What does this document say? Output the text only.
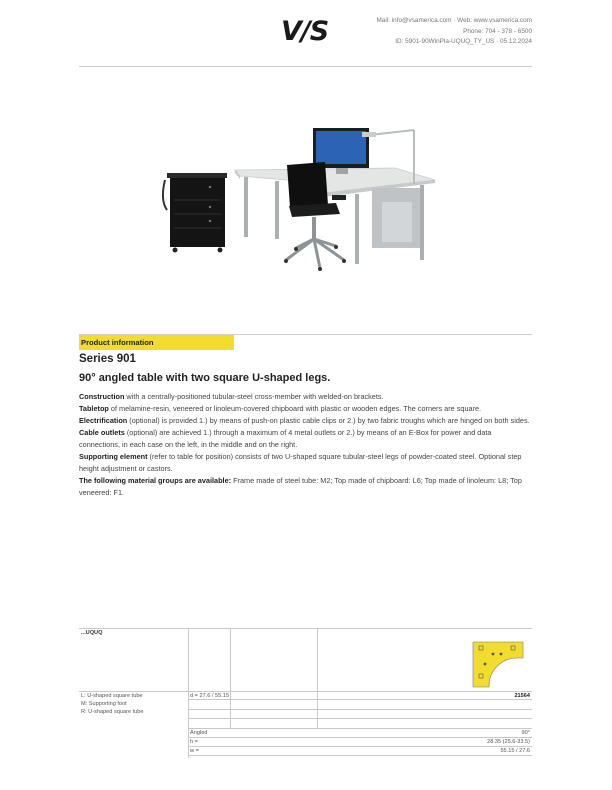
V/S	Mail: info@vsamerica.com · Web: www.vsamerica.com
Phone: 704 - 378 - 6500
ID: 5901-90WinPla-UQUQ_TY_US · 05.12.2024
Product information
Series 901
90° angled table with two square U-shaped legs.

Construction with a centrally-positioned tubular-steel cross-member with welded-on brackets.

Tabletop of melamine-resin, veneered or linoleum-covered chipboard with plastic or wooden edges. The corners are square.

Electrification (optional) is provided 1.) by means of push-on plastic cable clips or 2.) by two fabric troughs which are hinged on both sides.

Cable outlets (optional) are achieved 1.) through a maximum of 4 metal outlets or 2.) by means of an E-Box for power and data connections, in each case on the left, in the middle and on the right.

Supporting element (refer to table for position) consists of two U-shaped square tubular-steel legs of powder-coated steel. Optional step height adjustment or castors.

The following material groups are available: Frame made of steel tube: M2; Top made of chipboard: L6; Top made of linoleum: L8; Top veneered: F1.

...UQUQ
L: U-shaped square tube
M: Supporting foot
R: U-shaped square tube
d = 27.6 / 55.15	21564
Angled	90°
h =	28.35 (25.6-33.5)
w =	55.15 / 27.6
